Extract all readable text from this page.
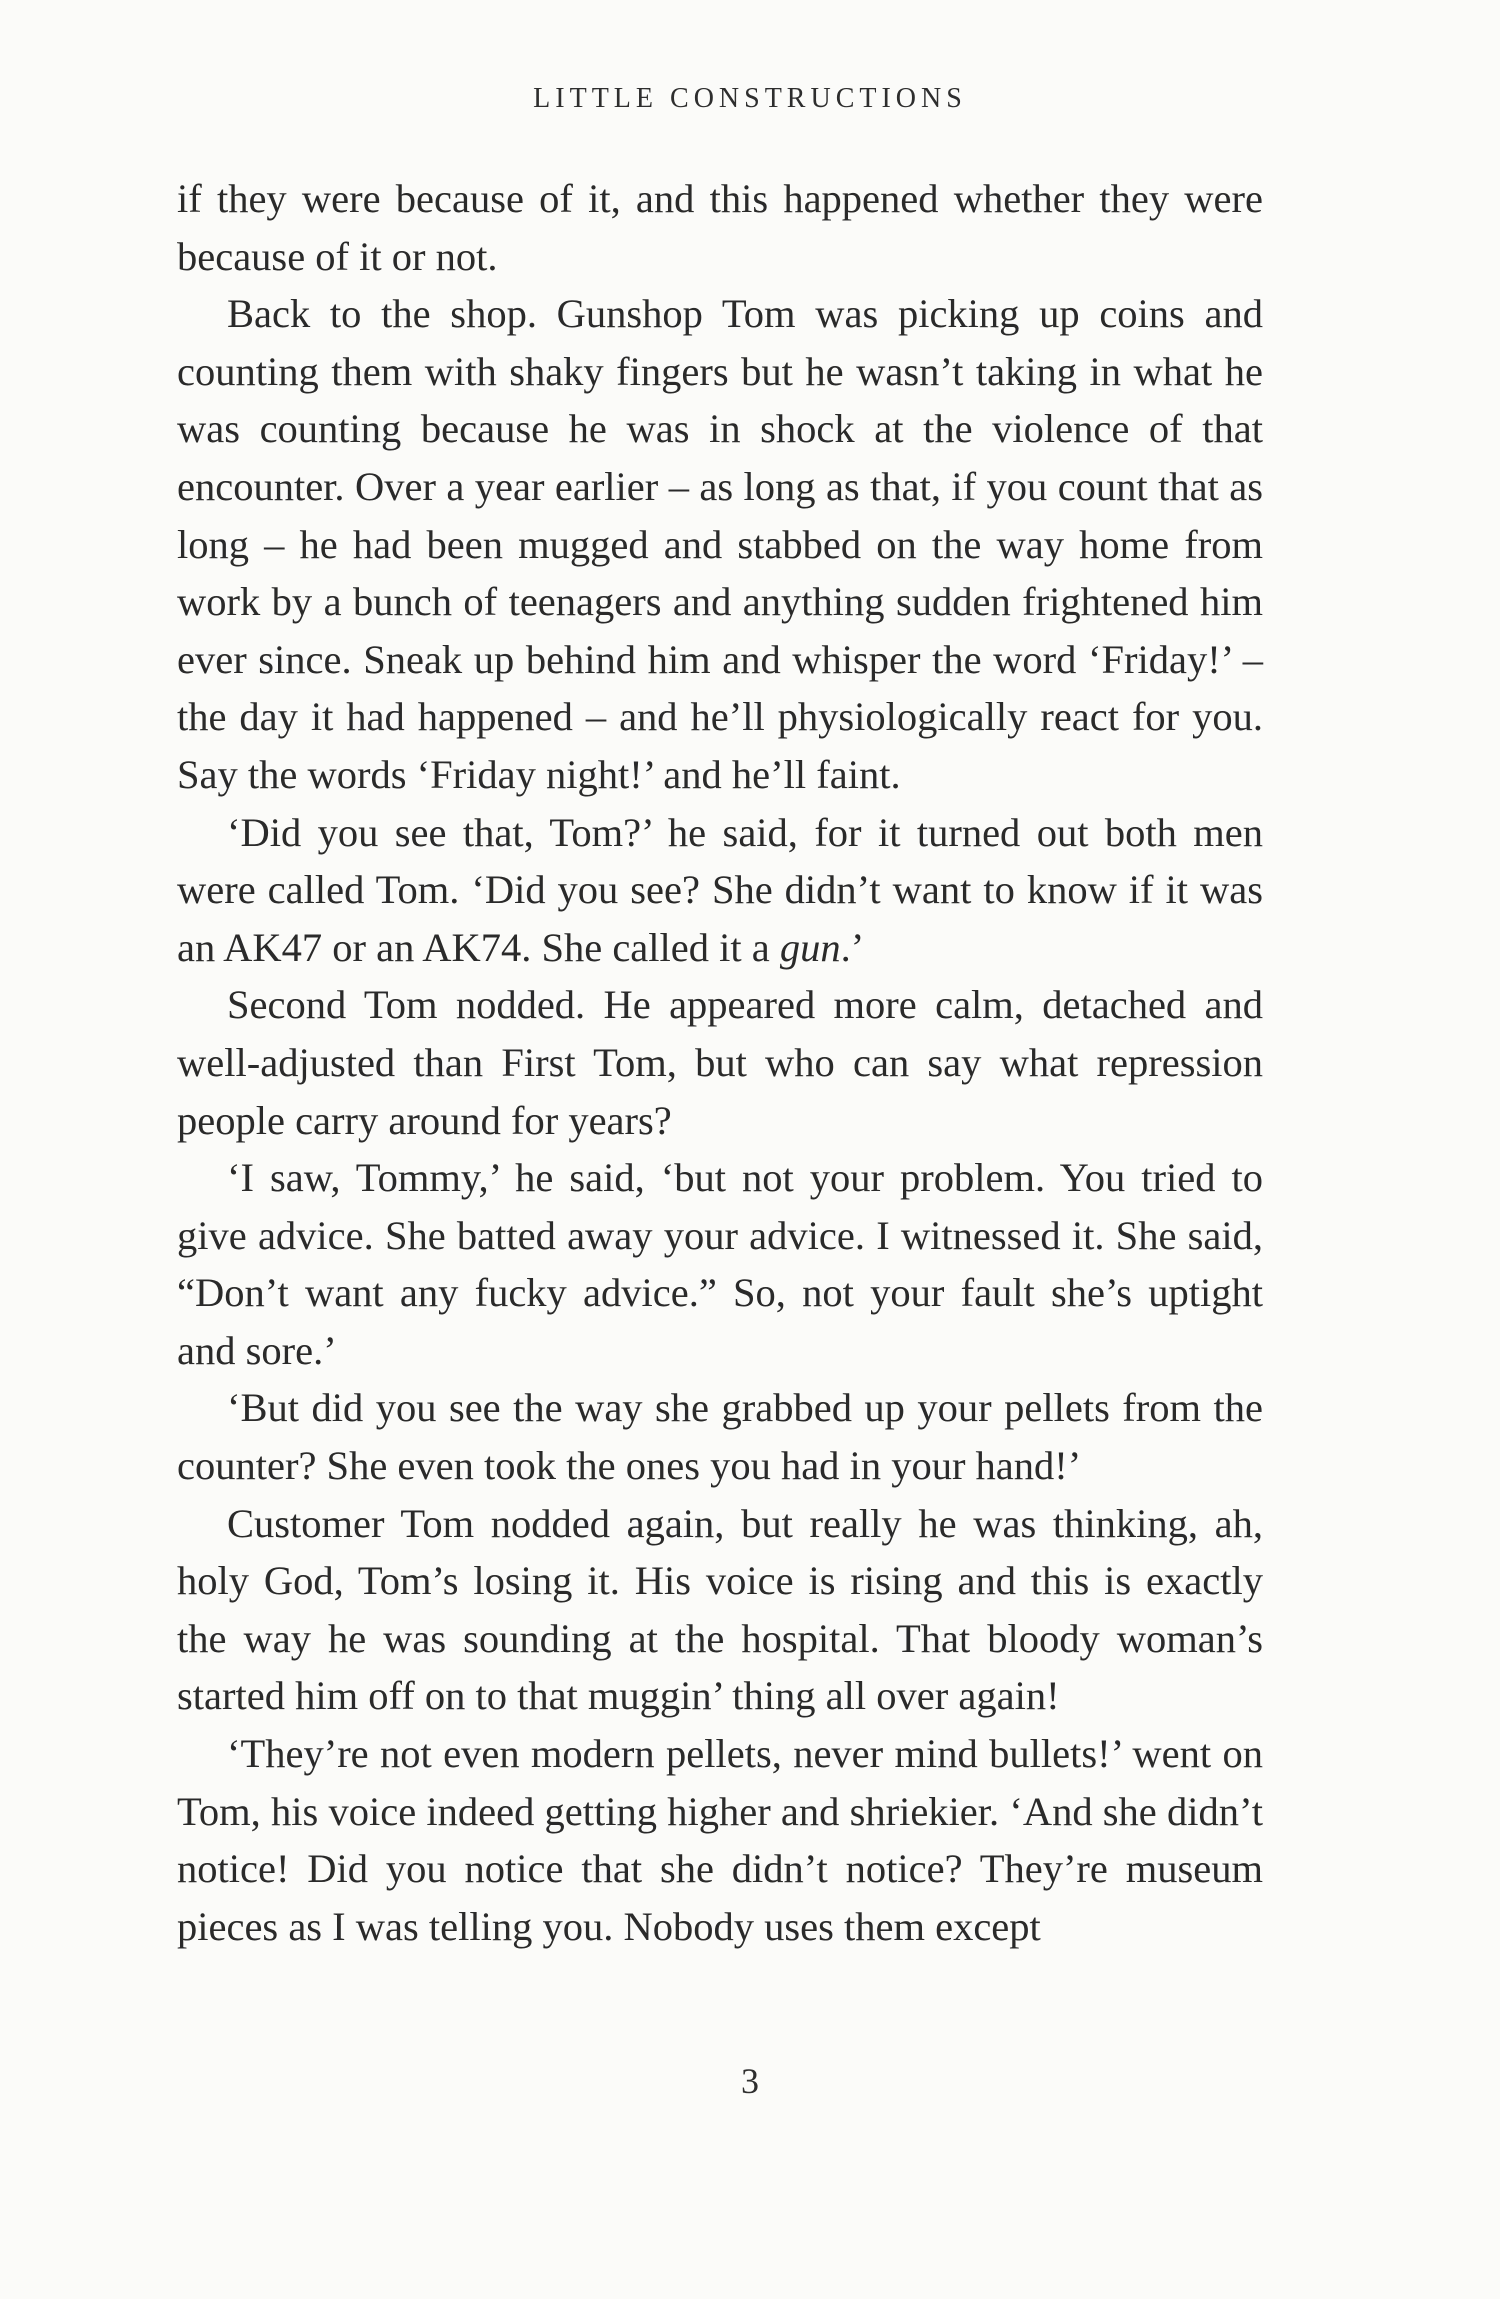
LITTLE CONSTRUCTIONS

if they were because of it, and this happened whether they were because of it or not.

Back to the shop. Gunshop Tom was picking up coins and counting them with shaky fingers but he wasn’t taking in what he was counting because he was in shock at the violence of that encounter. Over a year earlier – as long as that, if you count that as long – he had been mugged and stabbed on the way home from work by a bunch of teenagers and anything sudden frightened him ever since. Sneak up behind him and whisper the word ‘Friday!’ – the day it had happened – and he’ll physiologically react for you. Say the words ‘Friday night!’ and he’ll faint.

‘Did you see that, Tom?’ he said, for it turned out both men were called Tom. ‘Did you see? She didn’t want to know if it was an AK47 or an AK74. She called it a gun.’

Second Tom nodded. He appeared more calm, detached and well-adjusted than First Tom, but who can say what repression people carry around for years?

‘I saw, Tommy,’ he said, ‘but not your problem. You tried to give advice. She batted away your advice. I witnessed it. She said, “Don’t want any fucky advice.” So, not your fault she’s uptight and sore.’

‘But did you see the way she grabbed up your pellets from the counter? She even took the ones you had in your hand!’

Customer Tom nodded again, but really he was thinking, ah, holy God, Tom’s losing it. His voice is rising and this is exactly the way he was sounding at the hospital. That bloody woman’s started him off on to that muggin’ thing all over again!

‘They’re not even modern pellets, never mind bullets!’ went on Tom, his voice indeed getting higher and shriekier. ‘And she didn’t notice! Did you notice that she didn’t notice? They’re museum pieces as I was telling you. Nobody uses them except

3
